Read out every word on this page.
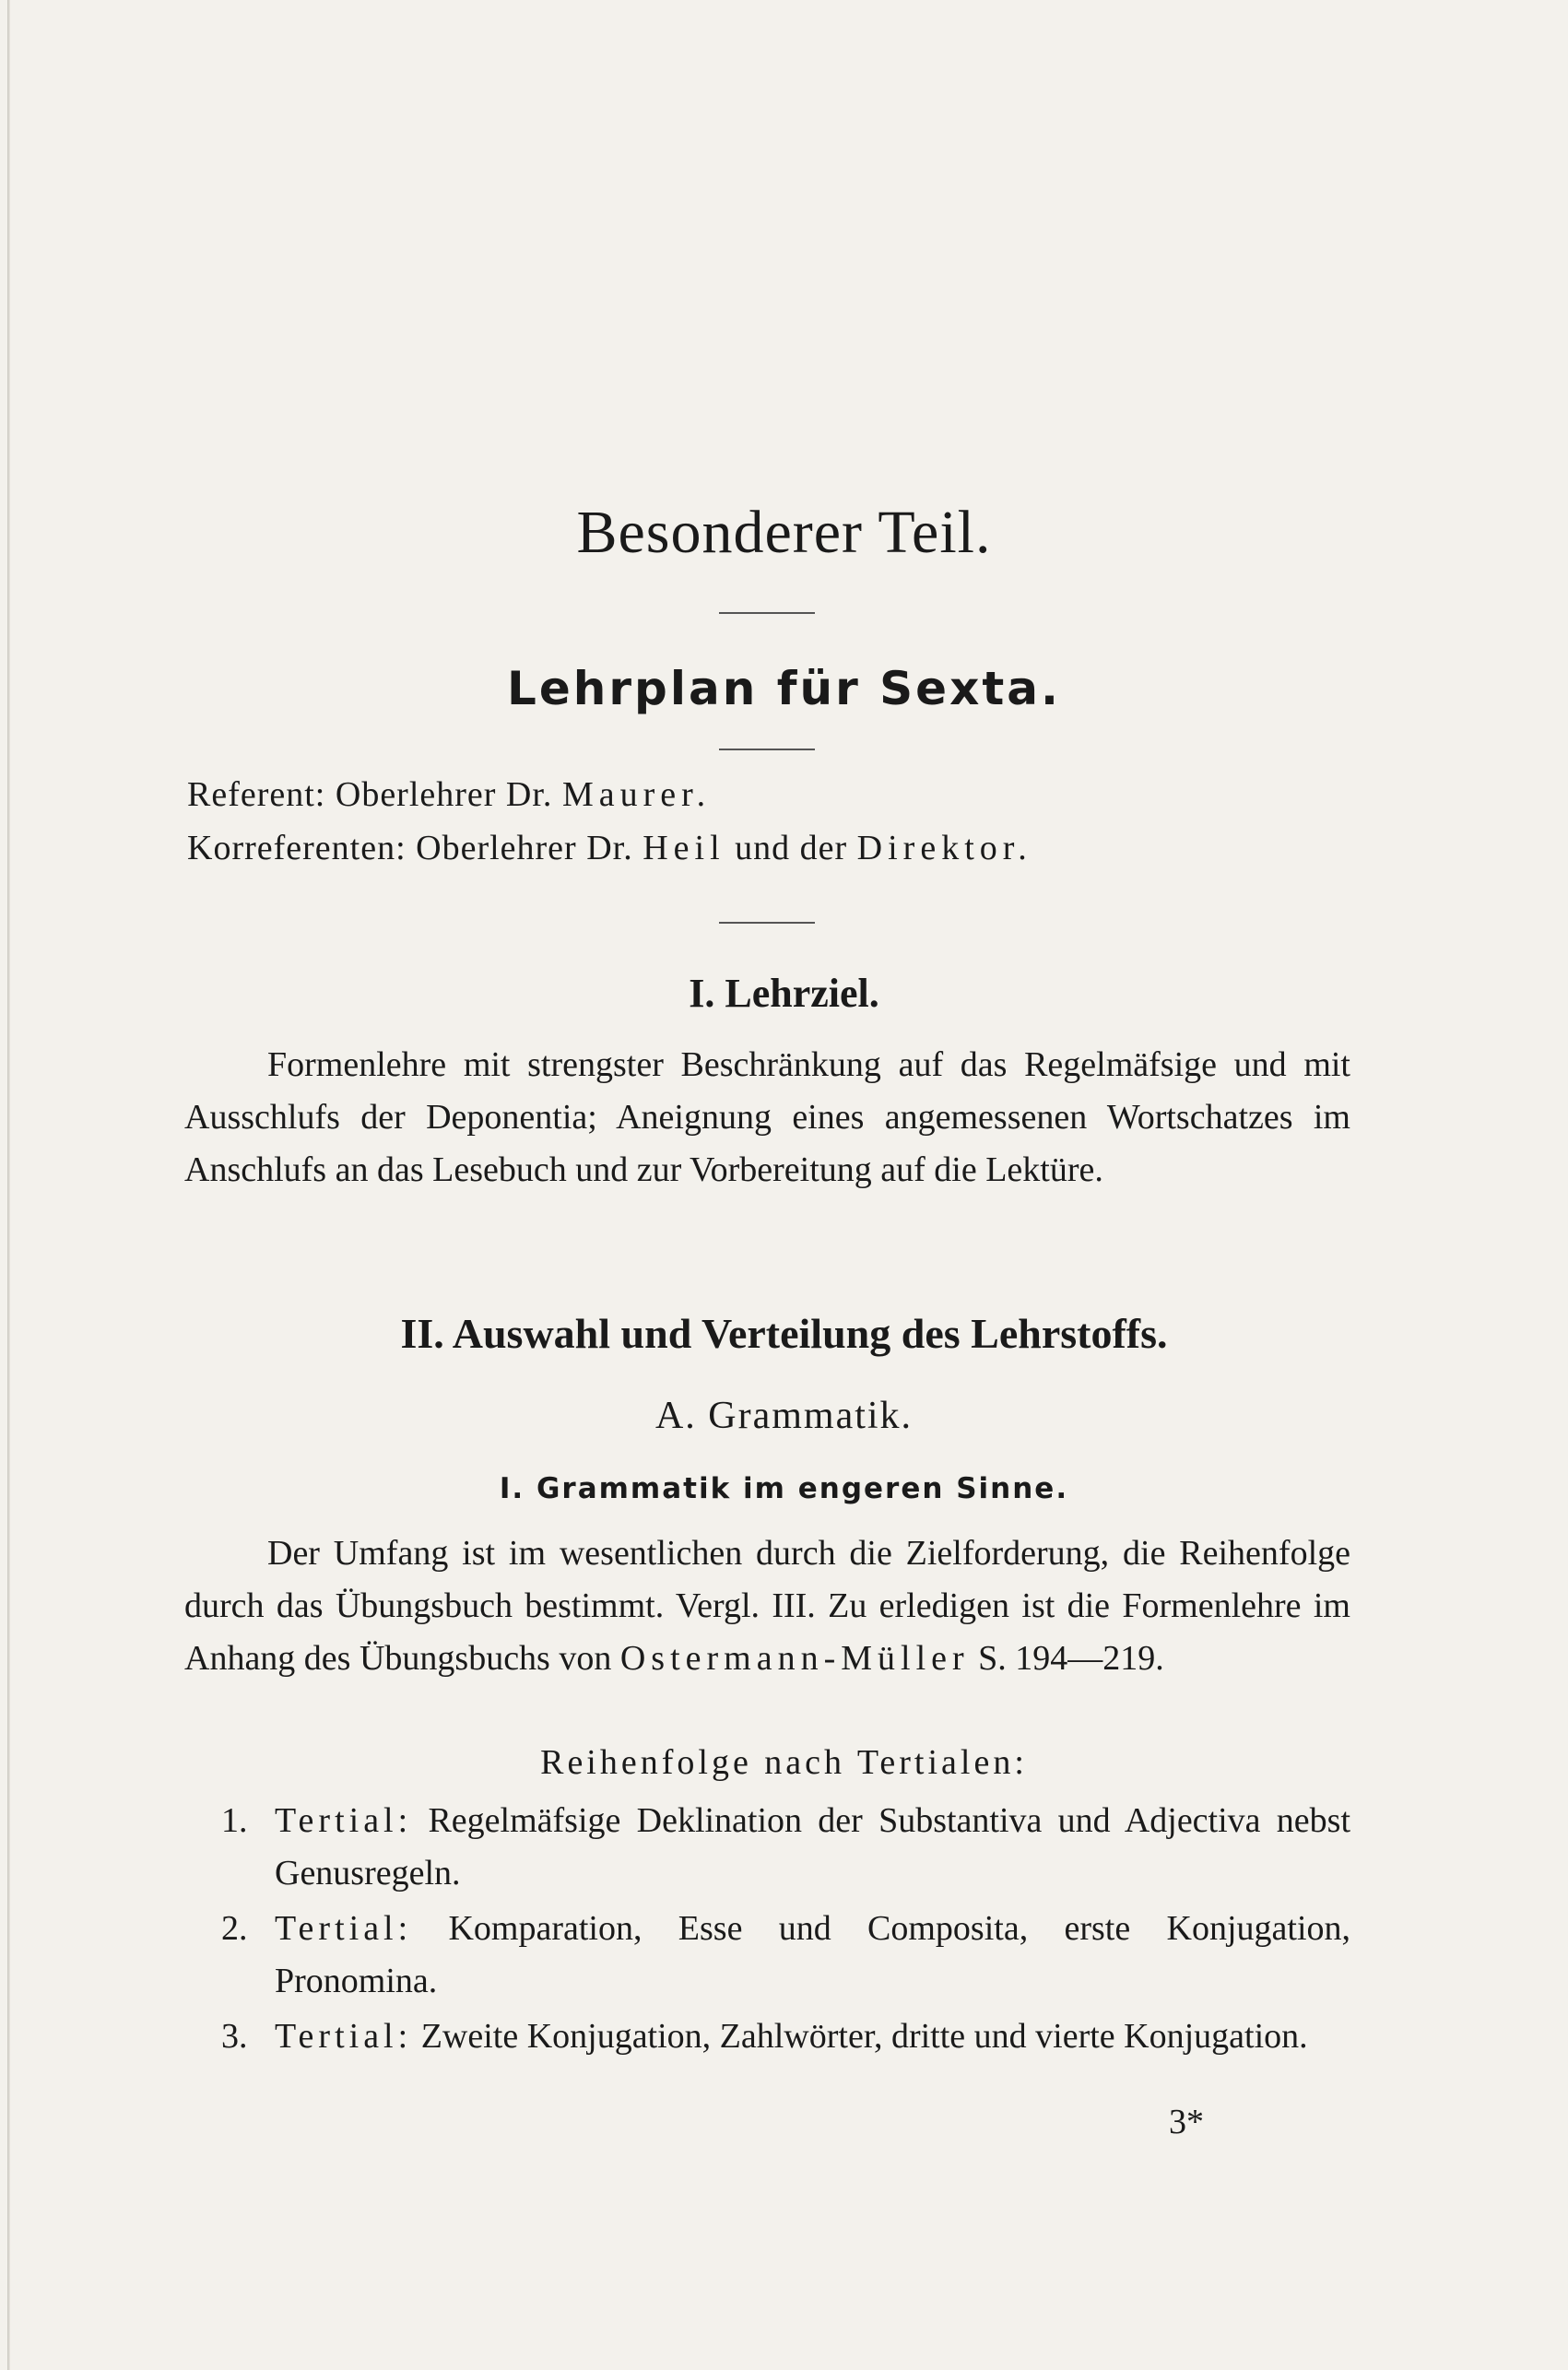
Besonderer Teil.
Lehrplan für Sexta.
Referent: Oberlehrer Dr. Maurer.
Korreferenten: Oberlehrer Dr. Heil und der Direktor.
I. Lehrziel.
Formenlehre mit strengster Beschränkung auf das Regelmäfsige und mit Ausschlufs der Deponentia; Aneignung eines angemessenen Wortschatzes im Anschlufs an das Lesebuch und zur Vorbereitung auf die Lektüre.
II. Auswahl und Verteilung des Lehrstoffs.
A. Grammatik.
I. Grammatik im engeren Sinne.
Der Umfang ist im wesentlichen durch die Zielforderung, die Reihenfolge durch das Übungsbuch bestimmt. Vergl. III. Zu erledigen ist die Formenlehre im Anhang des Übungsbuchs von Ostermann-Müller S. 194—219.
Reihenfolge nach Tertialen:
1. Tertial: Regelmäfsige Deklination der Substantiva und Adjectiva nebst Genusregeln.
2. Tertial: Komparation, Esse und Composita, erste Konjugation, Pronomina.
3. Tertial: Zweite Konjugation, Zahlwörter, dritte und vierte Konjugation.
3*
